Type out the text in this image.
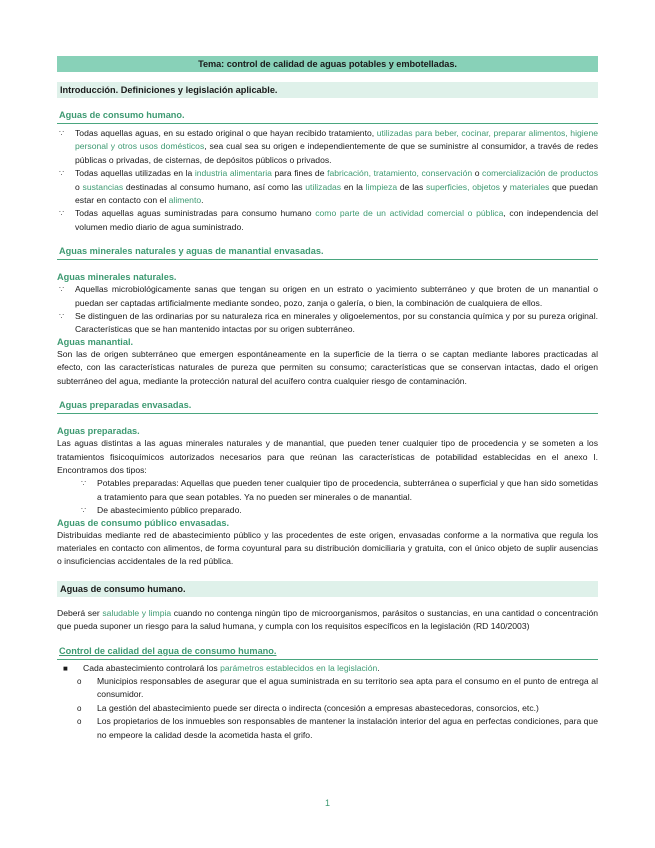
Tema: control de calidad de aguas potables y embotelladas.
Introducción. Definiciones y legislación aplicable.
Aguas de consumo humano.
∵ Todas aquellas aguas, en su estado original o que hayan recibido tratamiento, utilizadas para beber, cocinar, preparar alimentos, higiene personal y otros usos domésticos, sea cual sea su origen e independientemente de que se suministre al consumidor, a través de redes públicas o privadas, de cisternas, de depósitos públicos o privados.
∵ Todas aquellas utilizadas en la industria alimentaria para fines de fabricación, tratamiento, conservación o comercialización de productos o sustancias destinadas al consumo humano, así como las utilizadas en la limpieza de las superficies, objetos y materiales que puedan estar en contacto con el alimento.
∵ Todas aquellas aguas suministradas para consumo humano como parte de un actividad comercial o pública, con independencia del volumen medio diario de agua suministrado.
Aguas minerales naturales y aguas de manantial envasadas.
Aguas minerales naturales.
∵ Aquellas microbiológicamente sanas que tengan su origen en un estrato o yacimiento subterráneo y que broten de un manantial o puedan ser captadas artificialmente mediante sondeo, pozo, zanja o galería, o bien, la combinación de cualquiera de ellos.
∵ Se distinguen de las ordinarias por su naturaleza rica en minerales y oligoelementos, por su constancia química y por su pureza original. Características que se han mantenido intactas por su origen subterráneo.
Aguas manantial.

Son las de origen subterráneo que emergen espontáneamente en la superficie de la tierra o se captan mediante labores practicadas al efecto, con las características naturales de pureza que permiten su consumo; características que se conservan intactas, dado el origen subterráneo del agua, mediante la protección natural del acuífero contra cualquier riesgo de contaminación.

Aguas preparadas envasadas.
Aguas preparadas.

Las aguas distintas a las aguas minerales naturales y de manantial, que pueden tener cualquier tipo de procedencia y se someten a los tratamientos fisicoquímicos autorizados necesarios para que reúnan las características de potabilidad establecidas en el anexo I. Encontramos dos tipos:

∵ Potables preparadas: Aquellas que pueden tener cualquier tipo de procedencia, subterránea o superficial y que han sido sometidas a tratamiento para que sean potables. Ya no pueden ser minerales o de manantial.
∵ De abastecimiento público preparado.
Aguas de consumo público envasadas.

Distribuidas mediante red de abastecimiento público y las procedentes de este origen, envasadas conforme a la normativa que regula los materiales en contacto con alimentos, de forma coyuntural para su distribución domiciliaria y gratuita, con el único objeto de suplir ausencias o insuficiencias accidentales de la red pública.

Aguas de consumo humano.

Deberá ser saludable y limpia cuando no contenga ningún tipo de microorganismos, parásitos o sustancias, en una cantidad o concentración que pueda suponer un riesgo para la salud humana, y cumpla con los requisitos específicos en la legislación (RD 140/2003)

Control de calidad del agua de consumo humano.
■ Cada abastecimiento controlará los parámetros establecidos en la legislación.
o Municipios responsables de asegurar que el agua suministrada en su territorio sea apta para el consumo en el punto de entrega al consumidor.
o La gestión del abastecimiento puede ser directa o indirecta (concesión a empresas abastecedoras, consorcios, etc.)
o Los propietarios de los inmuebles son responsables de mantener la instalación interior del agua en perfectas condiciones, para que no empeore la calidad desde la acometida hasta el grifo.
1
